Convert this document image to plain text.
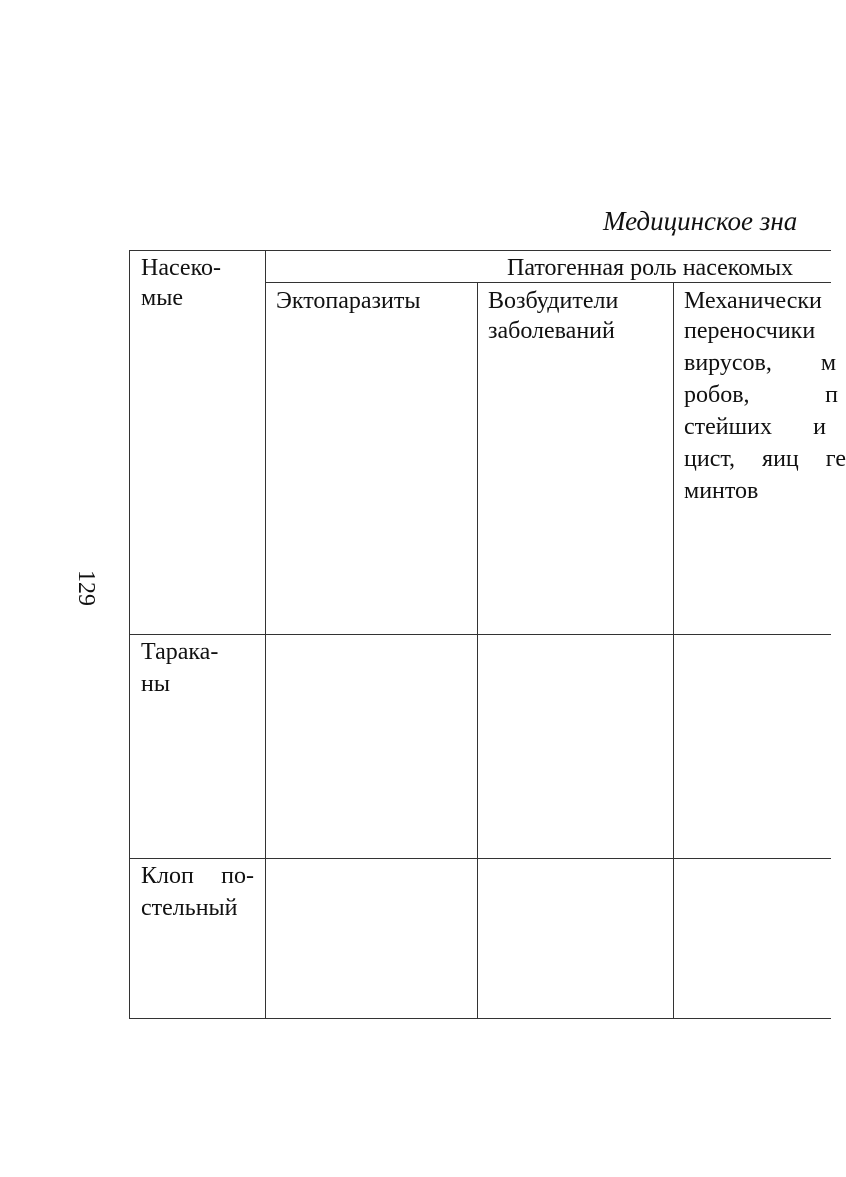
129
Медицинское зна
Насеко-
мые
Патогенная роль насекомых
Эктопаразиты	Возбудители
заболеваний
Механически
переносчики
вирусов, м
робов,	п
стейших и
цист, яиц ге
минтов
Тарака-
ны
Клоп по-
стельный
